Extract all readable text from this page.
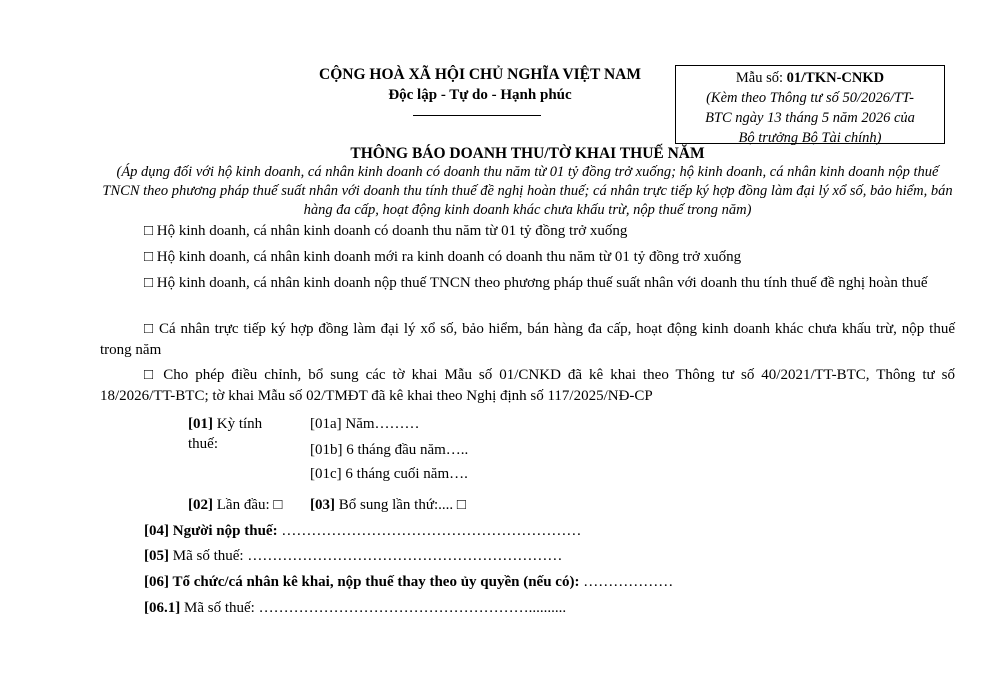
CỘNG HOÀ XÃ HỘI CHỦ NGHĨA VIỆT NAM
Độc lập - Tự do - Hạnh phúc
Mẫu số: 01/TKN-CNKD
(Kèm theo Thông tư số 50/2026/TT-
BTC ngày 13 tháng 5 năm 2026 của
Bộ trưởng Bộ Tài chính)
THÔNG BÁO DOANH THU/TỜ KHAI THUẾ NĂM
(Áp dụng đối với hộ kinh doanh, cá nhân kinh doanh có doanh thu năm từ 01 tỷ đồng trở xuống; hộ kinh doanh, cá nhân kinh doanh nộp thuế TNCN theo phương pháp thuế suất nhân với doanh thu tính thuế đề nghị hoàn thuế; cá nhân trực tiếp ký hợp đồng làm đại lý xổ số, bảo hiểm, bán hàng đa cấp, hoạt động kinh doanh khác chưa khấu trừ, nộp thuế trong năm)
□ Hộ kinh doanh, cá nhân kinh doanh có doanh thu năm từ 01 tỷ đồng trở xuống
□ Hộ kinh doanh, cá nhân kinh doanh mới ra kinh doanh có doanh thu năm từ 01 tỷ đồng trở xuống
□ Hộ kinh doanh, cá nhân kinh doanh nộp thuế TNCN theo phương pháp thuế suất nhân với doanh thu tính thuế đề nghị hoàn thuế
□ Cá nhân trực tiếp ký hợp đồng làm đại lý xổ số, bảo hiểm, bán hàng đa cấp, hoạt động kinh doanh khác chưa khấu trừ, nộp thuế trong năm
□ Cho phép điều chỉnh, bổ sung các tờ khai Mẫu số 01/CNKD đã kê khai theo Thông tư số 40/2021/TT-BTC, Thông tư số 18/2026/TT-BTC; tờ khai Mẫu số 02/TMĐT đã kê khai theo Nghị định số 117/2025/NĐ-CP
[01] Kỳ tính
thuế:
[01a] Năm………
[01b] 6 tháng đầu năm…..
[01c] 6 tháng cuối năm….
[02] Lần đầu: □ [03] Bổ sung lần thứ:.... □
[04] Người nộp thuế: ……………………………………………………
[05] Mã số thuế: ………………………………………………………
[06] Tổ chức/cá nhân kê khai, nộp thuế thay theo ủy quyền (nếu có): ………………
[06.1] Mã số thuế: ………………………………………………..........
